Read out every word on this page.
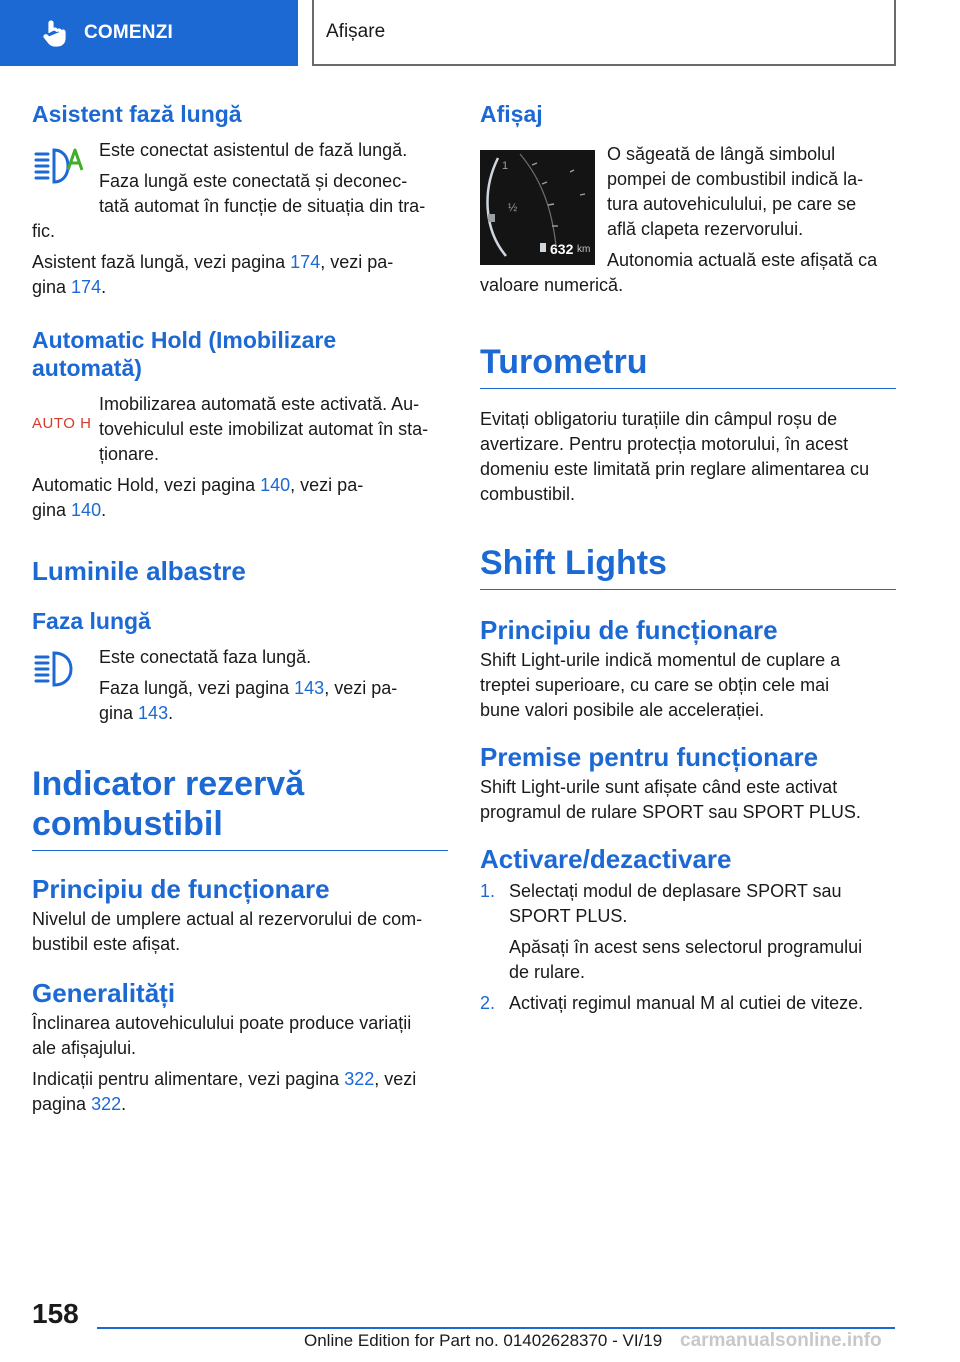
COMENZI	Afișare
Asistent fază lungă

Este conectat asistentul de fază lungă.

Faza lungă este conectată și deconec-

tată automat în funcție de situația din tra-

fic.

Asistent fază lungă, vezi pagina 174, vezi pa-
gina 174.

Automatic Hold (Imobilizare
automată)
AUTO H

Imobilizarea automată este activată. Au-

tovehiculul este imobilizat automat în sta-

ționare.

Automatic Hold, vezi pagina 140, vezi pa-
gina 140.

Luminile albastre
Faza lungă

Este conectată faza lungă.

Faza lungă, vezi pagina 143, vezi pa-
gina 143.

Indicator rezervă
combustibil
Principiu de funcționare

Nivelul de umplere actual al rezervorului de com-
bustibil este afișat.

Generalități

Înclinarea autovehiculului poate produce variații
ale afișajului.

Indicații pentru alimentare, vezi pagina 322, vezi
pagina 322.

Afișaj
1
½
632 km

O săgeată de lângă simbolul
pompei de combustibil indică la-
tura autovehiculului, pe care se
află clapeta rezervorului.

Autonomia actuală este afișată ca

valoare numerică.

Turometru

Evitați obligatoriu turațiile din câmpul roșu de
avertizare. Pentru protecția motorului, în acest
domeniu este limitată prin reglare alimentarea cu
combustibil.

Shift Lights
Principiu de funcționare

Shift Light-urile indică momentul de cuplare a
treptei superioare, cu care se obțin cele mai
bune valori posibile ale accelerației.

Premise pentru funcționare

Shift Light-urile sunt afișate când este activat
programul de rulare SPORT sau SPORT PLUS.

Activare/dezactivare
1. Selectați modul de deplasare SPORT sau
SPORT PLUS.

Apăsați în acest sens selectorul programului
de rulare.

2. Activați regimul manual M al cutiei de viteze.

158
Online Edition for Part no. 01402628370 - VI/19 carmanualsonline.info
